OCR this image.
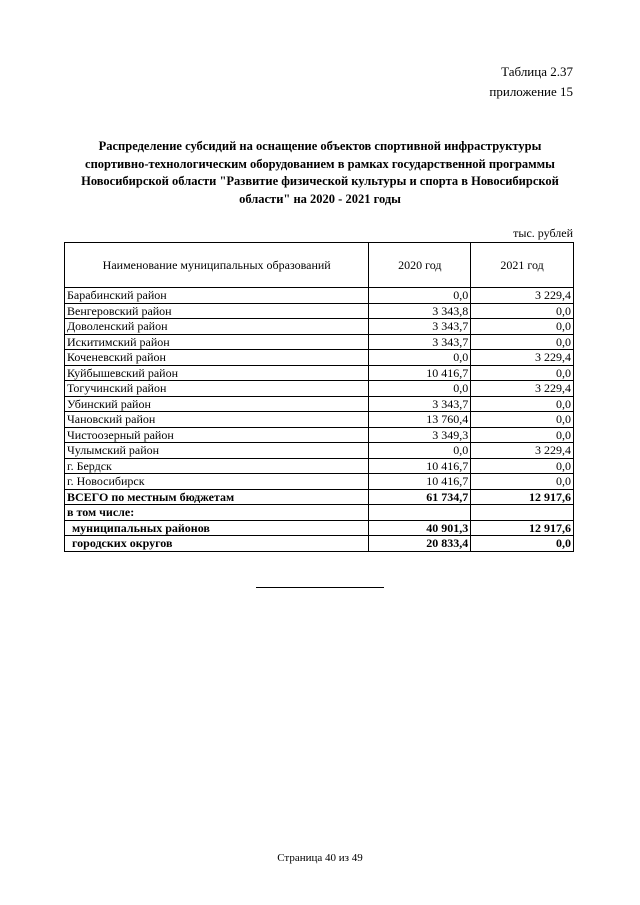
Таблица 2.37
приложение 15
Распределение субсидий на оснащение объектов спортивной инфраструктуры
спортивно-технологическим оборудованием в рамках государственной программы
Новосибирской области "Развитие физической культуры и спорта в Новосибирской
области" на 2020 - 2021 годы
тыс. рублей
Наименование муниципальных образований	2020 год	2021 год
Барабинский район	0,0	3 229,4
Венгеровский район	3 343,8	0,0
Доволенский район	3 343,7	0,0
Искитимский район	3 343,7	0,0
Коченевский район	0,0	3 229,4
Куйбышевский район	10 416,7	0,0
Тогучинский район	0,0	3 229,4
Убинский район	3 343,7	0,0
Чановский район	13 760,4	0,0
Чистоозерный район	3 349,3	0,0
Чулымский район	0,0	3 229,4
г. Бердск	10 416,7	0,0
г. Новосибирск	10 416,7	0,0
ВСЕГО по местным бюджетам	61 734,7	12 917,6
в том числе:		
муниципальных районов	40 901,3	12 917,6
городских округов	20 833,4	0,0
Страница 40 из 49
